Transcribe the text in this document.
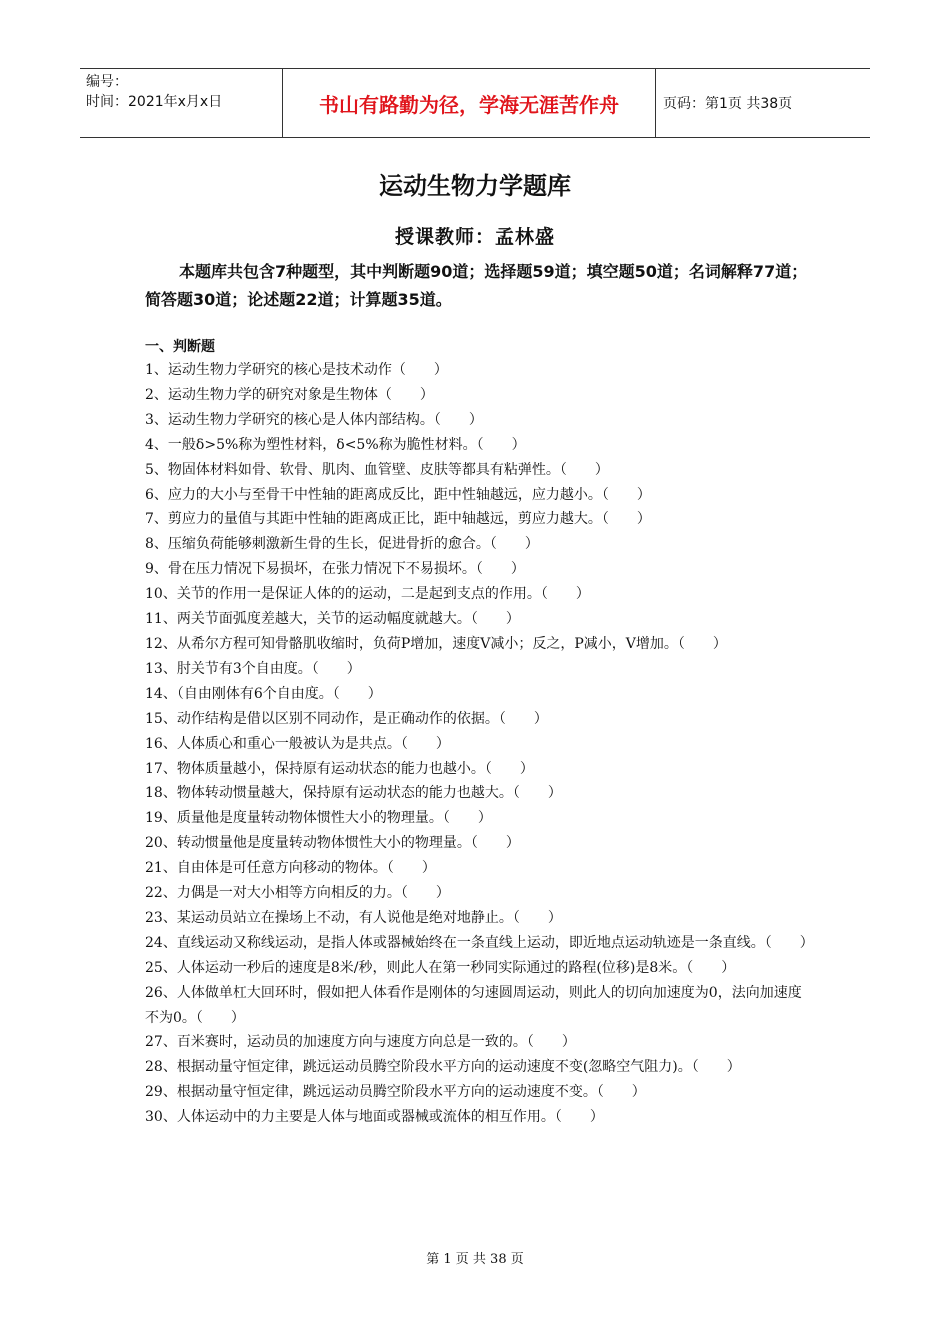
编号：
时间：2021年x月x日	书山有路勤为径，学海无涯苦作舟	页码：第1页 共38页
运动生物力学题库
授课教师：孟林盛
本题库共包含7种题型，其中判断题90道；选择题59道；填空题50道；名词解释77道；简答题30道；论述题22道；计算题35道。
一、判断题

1、运动生物力学研究的核心是技术动作（　　）

2、运动生物力学的研究对象是生物体（　　）

3、运动生物力学研究的核心是人体内部结构。（　　）

4、一般δ>5%称为塑性材料，δ<5%称为脆性材料。（　　）

5、物固体材料如骨、软骨、肌肉、血管壁、皮肤等都具有粘弹性。（　　）

6、应力的大小与至骨干中性轴的距离成反比，距中性轴越远，应力越小。（　　）

7、剪应力的量值与其距中性轴的距离成正比，距中轴越远，剪应力越大。（　　）

8、压缩负荷能够刺激新生骨的生长，促进骨折的愈合。（　　）

9、骨在压力情况下易损坏，在张力情况下不易损坏。（　　）

10、关节的作用一是保证人体的的运动，二是起到支点的作用。（　　）

11、两关节面弧度差越大，关节的运动幅度就越大。（　　）

12、从希尔方程可知骨骼肌收缩时，负荷P增加，速度V减小；反之，P减小，V增加。（　　）

13、肘关节有3个自由度。（　　）

14、（自由刚体有6个自由度。（　　）

15、动作结构是借以区别不同动作，是正确动作的依据。（　　）

16、人体质心和重心一般被认为是共点。（　　）

17、物体质量越小，保持原有运动状态的能力也越小。（　　）

18、物体转动惯量越大，保持原有运动状态的能力也越大。（　　）

19、质量他是度量转动物体惯性大小的物理量。（　　）

20、转动惯量他是度量转动物体惯性大小的物理量。（　　）

21、自由体是可任意方向移动的物体。（　　）

22、力偶是一对大小相等方向相反的力。（　　）

23、某运动员站立在操场上不动，有人说他是绝对地静止。（　　）

24、直线运动又称线运动，是指人体或器械始终在一条直线上运动，即近地点运动轨迹是一条直线。（　　）

25、人体运动一秒后的速度是8米/秒，则此人在第一秒同实际通过的路程(位移)是8米。（　　）

26、人体做单杠大回环时，假如把人体看作是刚体的匀速圆周运动，则此人的切向加速度为0，法向加速度不为0。（　　）

27、百米赛时，运动员的加速度方向与速度方向总是一致的。（　　）

28、根据动量守恒定律，跳远运动员腾空阶段水平方向的运动速度不变(忽略空气阻力)。（　　）

29、根据动量守恒定律，跳远运动员腾空阶段水平方向的运动速度不变。（　　）

30、人体运动中的力主要是人体与地面或器械或流体的相互作用。（　　）

第 1 页 共 38 页
